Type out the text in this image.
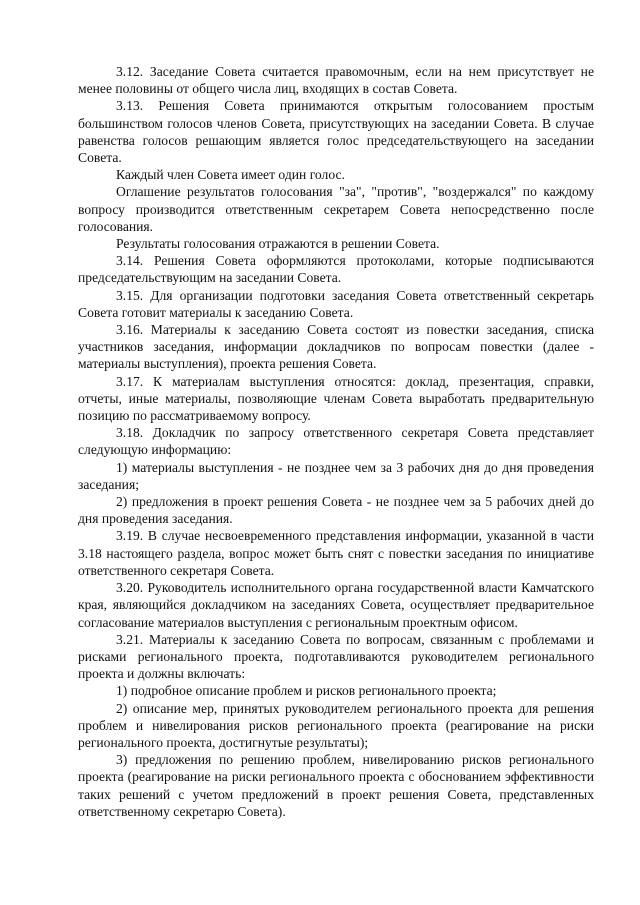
3.12. Заседание Совета считается правомочным, если на нем присутствует не менее половины от общего числа лиц, входящих в состав Совета.

3.13. Решения Совета принимаются открытым голосованием простым большинством голосов членов Совета, присутствующих на заседании Совета. В случае равенства голосов решающим является голос председательствующего на заседании Совета.

Каждый член Совета имеет один голос.

Оглашение результатов голосования "за", "против", "воздержался" по каждому вопросу производится ответственным секретарем Совета непосредственно после голосования.

Результаты голосования отражаются в решении Совета.

3.14. Решения Совета оформляются протоколами, которые подписываются председательствующим на заседании Совета.

3.15. Для организации подготовки заседания Совета ответственный секретарь Совета готовит материалы к заседанию Совета.

3.16. Материалы к заседанию Совета состоят из повестки заседания, списка участников заседания, информации докладчиков по вопросам повестки (далее - материалы выступления), проекта решения Совета.

3.17. К материалам выступления относятся: доклад, презентация, справки, отчеты, иные материалы, позволяющие членам Совета выработать предварительную позицию по рассматриваемому вопросу.

3.18. Докладчик по запросу ответственного секретаря Совета представляет следующую информацию:

1) материалы выступления - не позднее чем за 3 рабочих дня до дня проведения заседания;

2) предложения в проект решения Совета - не позднее чем за 5 рабочих дней до дня проведения заседания.

3.19. В случае несвоевременного представления информации, указанной в части 3.18 настоящего раздела, вопрос может быть снят с повестки заседания по инициативе ответственного секретаря Совета.

3.20. Руководитель исполнительного органа государственной власти Камчатского края, являющийся докладчиком на заседаниях Совета, осуществляет предварительное согласование материалов выступления с региональным проектным офисом.

3.21. Материалы к заседанию Совета по вопросам, связанным с проблемами и рисками регионального проекта, подготавливаются руководителем регионального проекта и должны включать:

1) подробное описание проблем и рисков регионального проекта;

2) описание мер, принятых руководителем регионального проекта для решения проблем и нивелирования рисков регионального проекта (реагирование на риски регионального проекта, достигнутые результаты);

3) предложения по решению проблем, нивелированию рисков регионального проекта (реагирование на риски регионального проекта с обоснованием эффективности таких решений с учетом предложений в проект решения Совета, представленных ответственному секретарю Совета).
